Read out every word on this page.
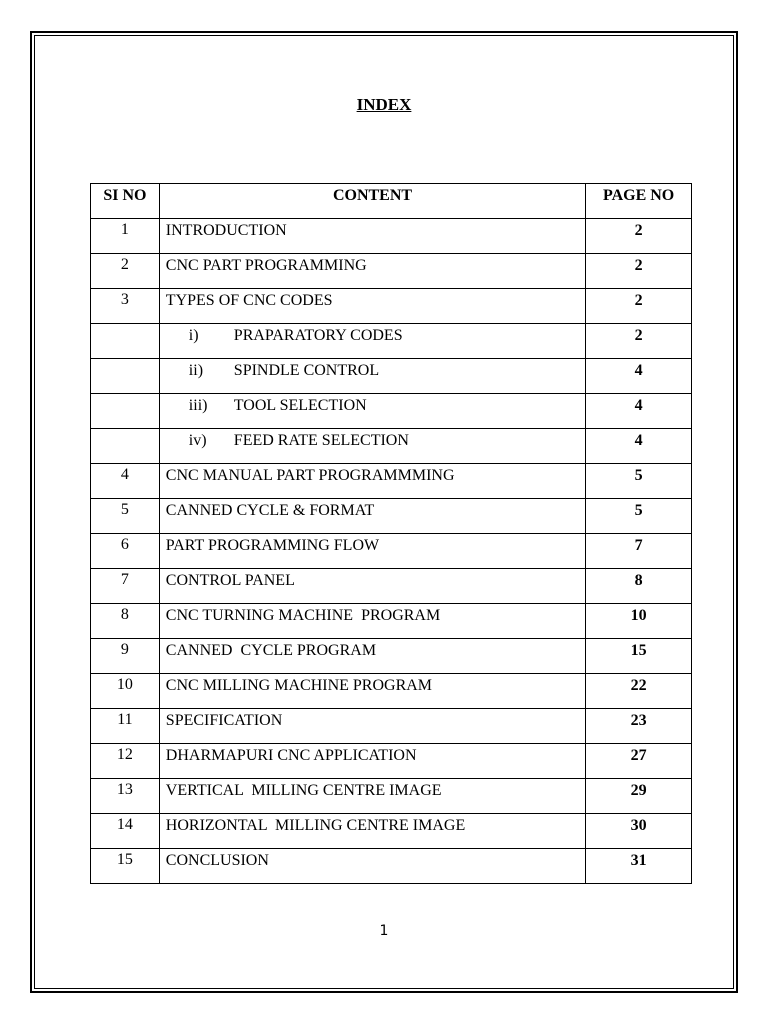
INDEX
SI NO	CONTENT	PAGE NO
1	INTRODUCTION	2
2	CNC PART PROGRAMMING	2
3	TYPES OF CNC CODES	2
	i) PRAPARATORY CODES	2
	ii) SPINDLE CONTROL	4
	iii) TOOL SELECTION	4
	iv) FEED RATE SELECTION	4
4	CNC MANUAL PART PROGRAMMMING	5
5	CANNED CYCLE & FORMAT	5
6	PART PROGRAMMING FLOW	7
7	CONTROL PANEL	8
8	CNC TURNING MACHINE  PROGRAM	10
9	CANNED  CYCLE PROGRAM	15
10	CNC MILLING MACHINE PROGRAM	22
11	SPECIFICATION	23
12	DHARMAPURI CNC APPLICATION	27
13	VERTICAL  MILLING CENTRE IMAGE	29
14	HORIZONTAL  MILLING CENTRE IMAGE	30
15	CONCLUSION	31
1
